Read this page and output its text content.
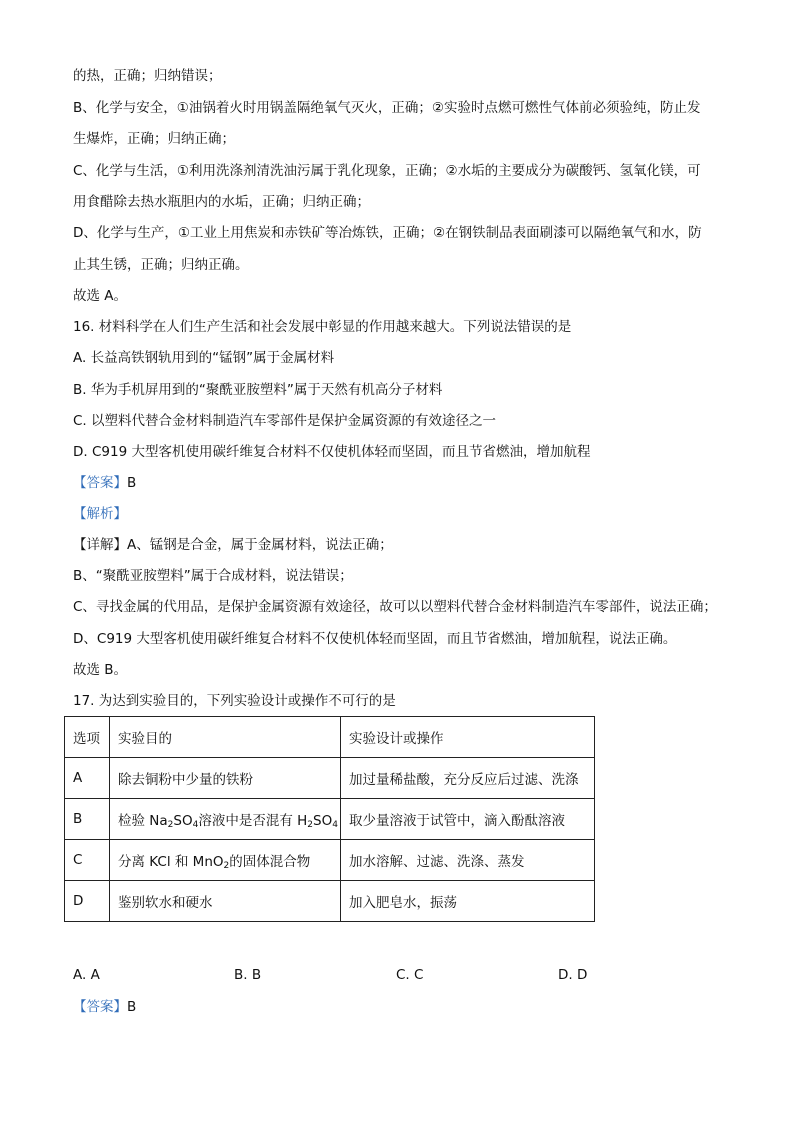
的热，正确；归纳错误；
B、化学与安全，①油锅着火时用锅盖隔绝氧气灭火，正确；②实验时点燃可燃性气体前必须验纯，防止发
生爆炸，正确；归纳正确；
C、化学与生活，①利用洗涤剂清洗油污属于乳化现象，正确；②水垢的主要成分为碳酸钙、氢氧化镁，可
用食醋除去热水瓶胆内的水垢，正确；归纳正确；
D、化学与生产，①工业上用焦炭和赤铁矿等冶炼铁，正确；②在钢铁制品表面刷漆可以隔绝氧气和水，防
止其生锈，正确；归纳正确。
故选 A。
16. 材料科学在人们生产生活和社会发展中彰显的作用越来越大。下列说法错误的是
A. 长益高铁钢轨用到的“锰钢”属于金属材料
B. 华为手机屏用到的“聚酰亚胺塑料”属于天然有机高分子材料
C. 以塑料代替合金材料制造汽车零部件是保护金属资源的有效途径之一
D. C919 大型客机使用碳纤维复合材料不仅使机体轻而坚固，而且节省燃油，增加航程
【答案】B
【解析】
【详解】A、锰钢是合金，属于金属材料，说法正确；
B、“聚酰亚胺塑料”属于合成材料，说法错误；
C、寻找金属的代用品，是保护金属资源有效途径，故可以以塑料代替合金材料制造汽车零部件，说法正确；
D、C919 大型客机使用碳纤维复合材料不仅使机体轻而坚固，而且节省燃油，增加航程，说法正确。
故选 B。
17. 为达到实验目的，下列实验设计或操作不可行的是
选项	实验目的	实验设计或操作
A	除去铜粉中少量的铁粉	加过量稀盐酸，充分反应后过滤、洗涤
B	检验 $Na_2SO_4$溶液中是否混有 $H_2SO_4$	取少量溶液于试管中，滴入酚酞溶液
C	分离 KCl 和 MnO$_2$的固体混合物	加水溶解、过滤、洗涤、蒸发
D	鉴别软水和硬水	加入肥皂水，振荡
A. A	B. B	C. C	D. D
【答案】B
